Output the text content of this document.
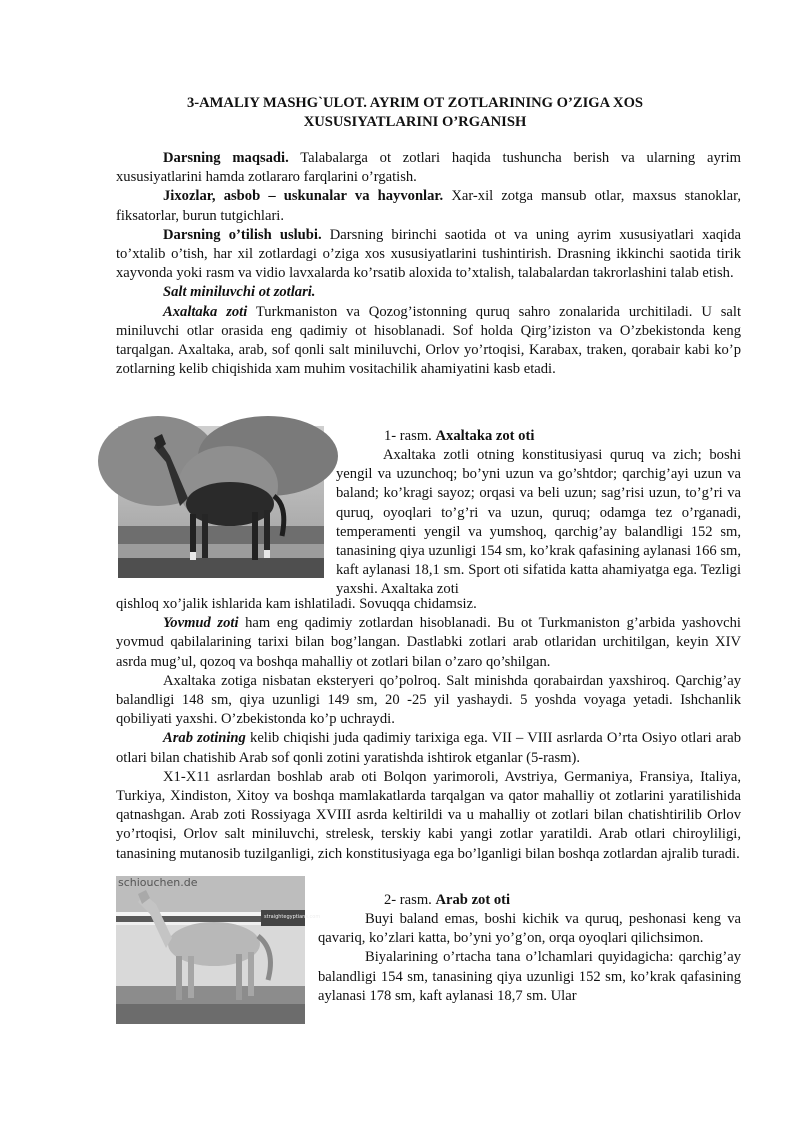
3-AMALIY MASHG`ULOT. AYRIM OT ZOTLARINING O’ZIGA XOS
XUSUSIYATLARINI O’RGANISH

Darsning maqsadi. Talabalarga ot zotlari haqida tushuncha berish va ularning ayrim xususiyatlarini hamda zotlararo farqlarini o’rgatish.

Jixozlar, asbob – uskunalar va hayvonlar. Xar-xil zotga mansub otlar, maxsus stanoklar, fiksatorlar, burun tutgichlari.

Darsning o’tilish uslubi. Darsning birinchi saotida ot va uning ayrim xususiyatlari xaqida to’xtalib o’tish, har xil zotlardagi o’ziga xos xususiyatlarini tushintirish. Drasning ikkinchi saotida tirik xayvonda yoki rasm va vidio lavxalarda ko’rsatib aloxida to’xtalish, talabalardan takrorlashini talab etish.

Salt miniluvchi ot zotlari.

Axaltaka zoti Turkmaniston va Qozog’istonning quruq sahro zonalarida urchitiladi. U salt miniluvchi otlar orasida eng qadimiy ot hisoblanadi. Sof holda Qirg’iziston va O’zbekistonda keng tarqalgan. Axaltaka, arab, sof qonli salt miniluvchi, Orlov yo’rtoqisi, Karabax, traken, qorabair kabi ko’p zotlarning kelib chiqishida xam muhim vositachilik ahamiyatini kasb etadi.

1- rasm. Axaltaka zot oti

Axaltaka zotli otning konstitusiyasi quruq va zich; boshi yengil va uzunchoq; bo’yni uzun va go’shtdor; qarchig’ayi uzun va baland; ko’kragi sayoz; orqasi va beli uzun; sag’risi uzun, to’g’ri va quruq, oyoqlari to’g’ri va uzun, quruq; odamga tez o’rganadi, temperamenti yengil va yumshoq, qarchig’ay balandligi 152 sm, tanasining qiya uzunligi 154 sm, ko’krak qafasining aylanasi 166 sm, kaft aylanasi 18,1 sm. Sport oti sifatida katta ahamiyatga ega. Tezligi yaxshi. Axaltaka zoti

qishloq xo’jalik ishlarida kam ishlatiladi. Sovuqqa chidamsiz.

Yovmud zoti ham eng qadimiy zotlardan hisoblanadi. Bu ot Turkmaniston g’arbida yashovchi yovmud qabilalarining tarixi bilan bog’langan. Dastlabki zotlari arab otlaridan urchitilgan, keyin XIV asrda mug’ul, qozoq va boshqa mahalliy ot zotlari bilan o’zaro qo’shilgan.

Axaltaka zotiga nisbatan eksteryeri qo’polroq. Salt minishda qorabairdan yaxshiroq. Qarchig’ay balandligi 148 sm, qiya uzunligi 149 sm, 20 -25 yil yashaydi. 5 yoshda voyaga yetadi. Ishchanlik qobiliyati yaxshi. O’zbekistonda ko’p uchraydi.

Arab zotining kelib chiqishi juda qadimiy tarixiga ega. VII – VIII asrlarda O’rta Osiyo otlari arab otlari bilan chatishib Arab sof qonli zotini yaratishda ishtirok etganlar (5-rasm).

X1-X11 asrlardan boshlab arab oti Bolqon yarimoroli, Avstriya, Germaniya, Fransiya, Italiya, Turkiya, Xindiston, Xitoy va boshqa mamlakatlarda tarqalgan va qator mahalliy ot zotlarini yaratilishida qatnashgan. Arab zoti Rossiyaga XVIII asrda keltirildi va u mahalliy ot zotlari bilan chatishtirilib Orlov yo’rtoqisi, Orlov salt miniluvchi, strelesk, terskiy kabi yangi zotlar yaratildi. Arab otlari chiroyliligi, tanasining mutanosib tuzilganligi, zich konstitusiyaga ega bo’lganligi bilan boshqa zotlardan ajralib turadi.

schiouchen.de
straightegyptians.com
2- rasm. Arab zot oti

Buyi baland emas, boshi kichik va quruq, peshonasi keng va qavariq, ko’zlari katta, bo’yni yo’g’on, orqa oyoqlari qilichsimon.

Biyalarining o’rtacha tana o’lchamlari quyidagicha: qarchig’ay balandligi 154 sm, tanasining qiya uzunligi 152 sm, ko’krak qafasining aylanasi 178 sm, kaft aylanasi 18,7 sm. Ular
